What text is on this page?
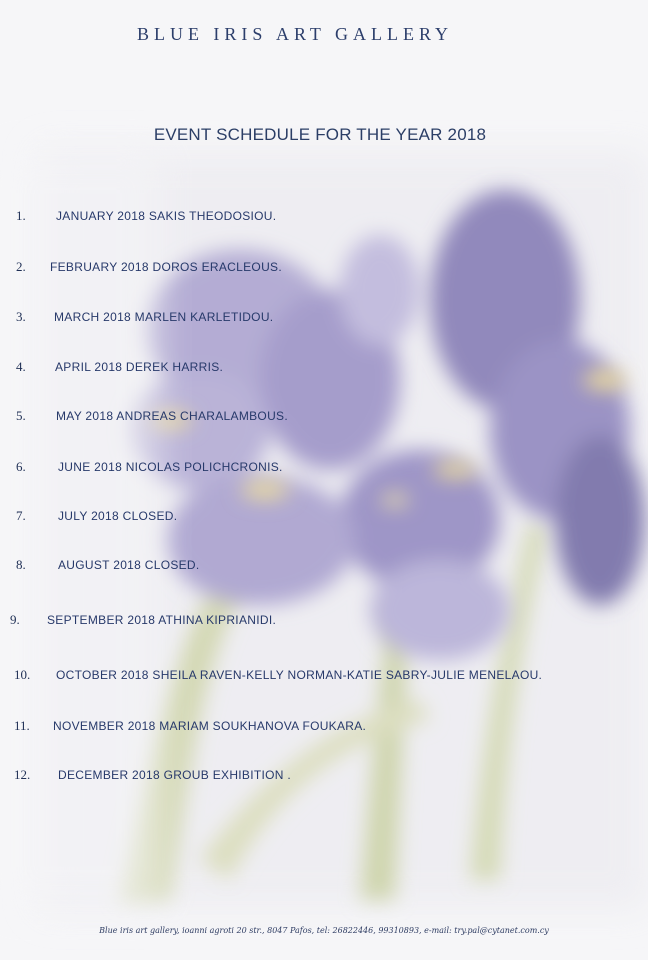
BLUE IRIS ART GALLERY
EVENT SCHEDULE FOR THE YEAR 2018
1.	JANUARY 2018 SAKIS THEODOSIOU.
2. FEBRUARY 2018 DOROS ERACLEOUS.
3. MARCH 2018 MARLEN KARLETIDOU.
4. APRIL 2018 DEREK HARRIS.
5.	MAY 2018 ANDREAS CHARALAMBOUS.
6.	JUNE 2018 NICOLAS POLICHCRONIS.
7.	JULY 2018 CLOSED.
8.	AUGUST 2018 CLOSED.
9. SEPTEMBER 2018 ATHINA KIPRIANIDI.
10. OCTOBER 2018 SHEILA RAVEN-KELLY NORMAN-KATIE SABRY-JULIE MENELAOU.
11. NOVEMBER 2018 MARIAM SOUKHANOVA FOUKARA.
12. DECEMBER 2018 GROUB EXHIBITION .
Blue iris art gallery, ioanni agroti 20 str., 8047 Pafos, tel: 26822446, 99310893, e-mail: try.pal@cytanet.com.cy
